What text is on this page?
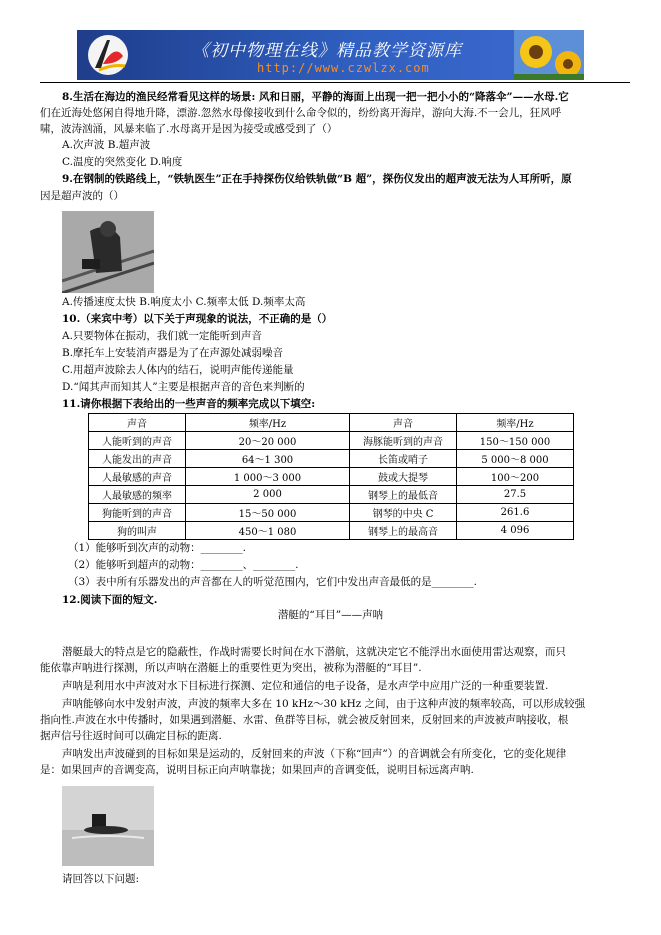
《初中物理在线》精品教学资源库
http://www.czwlzx.com
8.生活在海边的渔民经常看见这样的场景: 风和日丽，平静的海面上出现一把一把小小的“降落伞”——水母.它
们在近海处悠闲自得地升降，漂游.忽然水母像接收到什么命令似的，纷纷离开海岸，游向大海.不一会儿，狂风呼
啸，波涛汹涌，风暴来临了.水母离开是因为接受或感受到了（）
A.次声波 B.超声波
C.温度的突然变化 D.响度
9.在钢制的铁路线上，“铁轨医生”正在手持探伤仪给铁轨做“B 超”，探伤仪发出的超声波无法为人耳所听，原
因是超声波的（）
A.传播速度太快 B.响度太小 C.频率太低 D.频率太高
10.（来宾中考）以下关于声现象的说法，不正确的是（）
A.只要物体在振动，我们就一定能听到声音
B.摩托车上安装消声器是为了在声源处减弱噪音
C.用超声波除去人体内的结石，说明声能传递能量
D.“闻其声而知其人”主要是根据声音的音色来判断的
11.请你根据下表给出的一些声音的频率完成以下填空:
声音	频率/Hz	声音	频率/Hz
人能听到的声音	20～20 000	海豚能听到的声音	150～150 000
人能发出的声音	64～1 300	长笛或哨子	5 000～8 000
人最敏感的声音	1 000～3 000	鼓或大提琴	100～200
人最敏感的频率	2 000	钢琴上的最低音	27.5
狗能听到的声音	15～50 000	钢琴的中央 C	261.6
狗的叫声	450～1 080	钢琴上的最高音	4 096
（1）能够听到次声的动物：________.
（2）能够听到超声的动物：________、________.
（3）表中所有乐器发出的声音都在人的听觉范围内，它们中发出声音最低的是________.
12.阅读下面的短文.
潜艇的“耳目”——声呐
潜艇最大的特点是它的隐蔽性，作战时需要长时间在水下潜航，这就决定它不能浮出水面使用雷达观察，而只
能依靠声呐进行探测，所以声呐在潜艇上的重要性更为突出，被称为潜艇的“耳目”.
声呐是利用水中声波对水下目标进行探测、定位和通信的电子设备，是水声学中应用广泛的一种重要装置.
声呐能够向水中发射声波，声波的频率大多在 10 kHz～30 kHz 之间，由于这种声波的频率较高，可以形成较强
指向性.声波在水中传播时，如果遇到潜艇、水雷、鱼群等目标，就会被反射回来，反射回来的声波被声呐接收，根
据声信号往返时间可以确定目标的距离.
声呐发出声波碰到的目标如果是运动的，反射回来的声波（下称“回声”）的音调就会有所变化，它的变化规律
是：如果回声的音调变高，说明目标正向声呐靠拢；如果回声的音调变低，说明目标远离声呐.
请回答以下问题:
